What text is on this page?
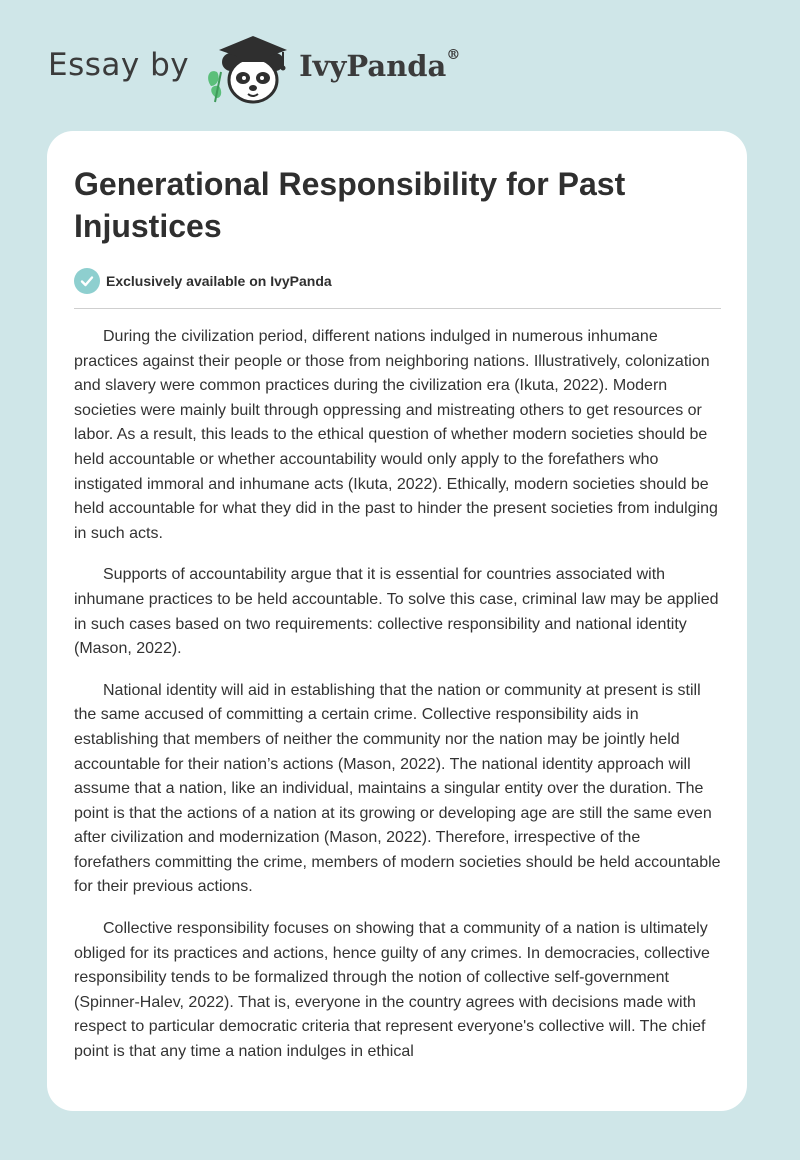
Essay by	IvyPanda®
Generational Responsibility for Past Injustices
Exclusively available on IvyPanda

During the civilization period, different nations indulged in numerous inhumane practices against their people or those from neighboring nations. Illustratively, colonization and slavery were common practices during the civilization era (Ikuta, 2022). Modern societies were mainly built through oppressing and mistreating others to get resources or labor. As a result, this leads to the ethical question of whether modern societies should be held accountable or whether accountability would only apply to the forefathers who instigated immoral and inhumane acts (Ikuta, 2022). Ethically, modern societies should be held accountable for what they did in the past to hinder the present societies from indulging in such acts.

Supports of accountability argue that it is essential for countries associated with inhumane practices to be held accountable. To solve this case, criminal law may be applied in such cases based on two requirements: collective responsibility and national identity (Mason, 2022).

National identity will aid in establishing that the nation or community at present is still the same accused of committing a certain crime. Collective responsibility aids in establishing that members of neither the community nor the nation may be jointly held accountable for their nation’s actions (Mason, 2022). The national identity approach will assume that a nation, like an individual, maintains a singular entity over the duration. The point is that the actions of a nation at its growing or developing age are still the same even after civilization and modernization (Mason, 2022). Therefore, irrespective of the forefathers committing the crime, members of modern societies should be held accountable for their previous actions.

Collective responsibility focuses on showing that a community of a nation is ultimately obliged for its practices and actions, hence guilty of any crimes. In democracies, collective responsibility tends to be formalized through the notion of collective self-government (Spinner-Halev, 2022). That is, everyone in the country agrees with decisions made with respect to particular democratic criteria that represent everyone's collective will. The chief point is that any time a nation indulges in ethical
